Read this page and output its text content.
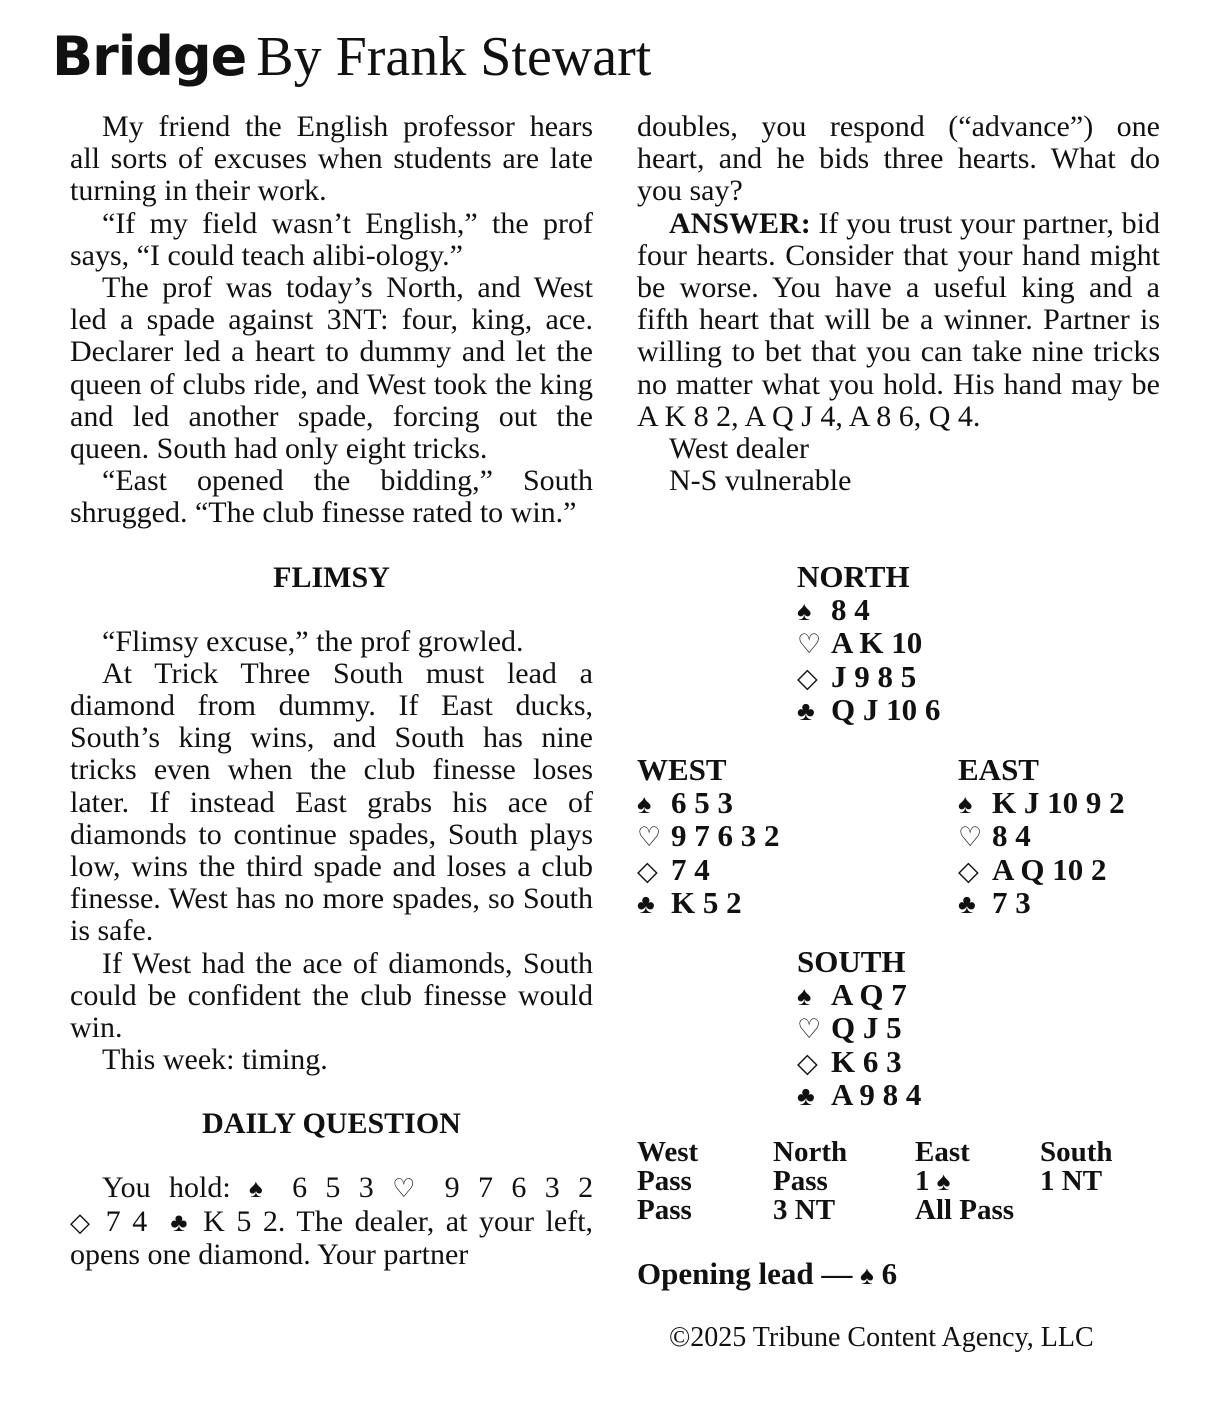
Bridge By Frank Stewart

My friend the English professor hears all sorts of excuses when students are late turning in their work.

“If my field wasn’t English,” the prof says, “I could teach alibi-ology.”

The prof was today’s North, and West led a spade against 3NT: four, king, ace. Declarer led a heart to dummy and let the queen of clubs ride, and West took the king and led another spade, forcing out the queen. South had only eight tricks.

“East opened the bidding,” South shrugged. “The club finesse rated to win.”

FLIMSY

“Flimsy excuse,” the prof growled.

At Trick Three South must lead a diamond from dummy. If East ducks, South’s king wins, and South has nine tricks even when the club finesse loses later. If instead East grabs his ace of diamonds to continue spades, South plays low, wins the third spade and loses a club finesse. West has no more spades, so South is safe.

If West had the ace of diamonds, South could be confident the club finesse would win.

This week: timing.

DAILY QUESTION

You hold: ♠ 6 5 3 ♡ 9 7 6 3 2

◇ 7 4 ♣ K 5 2. The dealer, at your left, opens one diamond. Your partner

doubles, you respond (“advance”) one heart, and he bids three hearts. What do you say?

ANSWER: If you trust your partner, bid four hearts. Consider that your hand might be worse. You have a useful king and a fifth heart that will be a winner. Partner is willing to bet that you can take nine tricks no matter what you hold. His hand may be A K 8 2, A Q J 4, A 8 6, Q 4.

West dealer

N-S vulnerable

NORTH
♠ 8 4
♡ A K 10
◇ J 9 8 5
♣ Q J 10 6
WEST
♠ 6 5 3
♡ 9 7 6 3 2
◇ 7 4
♣ K 5 2
EAST
♠ K J 10 9 2
♡ 8 4
◇ A Q 10 2
♣ 7 3
SOUTH
♠ A Q 7
♡ Q J 5
◇ K 6 3
♣ A 9 8 4
West	North East South
Pass	Pass	1 ♠	1 NT
Pass	3 NT	All Pass
Opening lead — ♠ 6
©2025 Tribune Content Agency, LLC
